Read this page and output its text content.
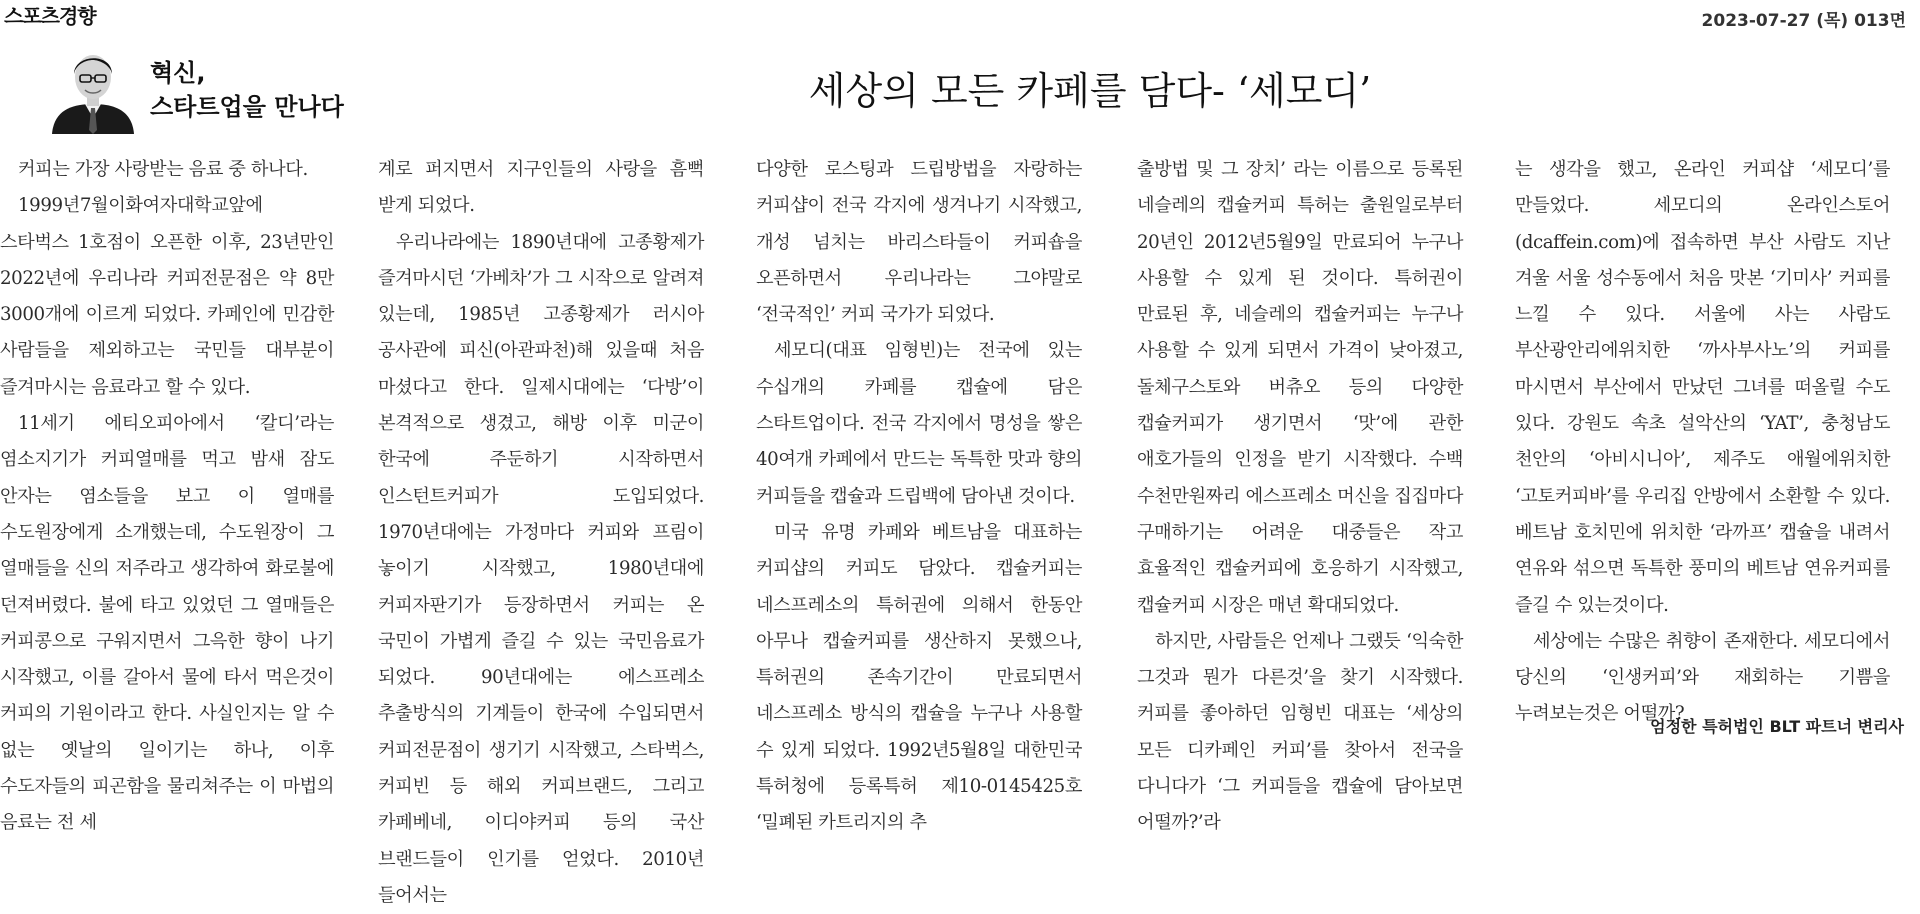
스포츠경향	2023-07-27 (목) 013면
혁신,
스타트업을 만나다	세상의 모든 카페를 담다- ‘세모디’

커피는 가장 사랑받는 음료 중 하나다.

1999년7월이화여자대학교앞에 스타벅스 1호점이 오픈한 이후, 23년만인 2022년에 우리나라 커피전문점은 약 8만 3000개에 이르게 되었다. 카페인에 민감한 사람들을 제외하고는 국민들 대부분이 즐겨마시는 음료라고 할 수 있다.

11세기 에티오피아에서 ‘칼디’라는 염소지기가 커피열매를 먹고 밤새 잠도 안자는 염소들을 보고 이 열매를 수도원장에게 소개했는데, 수도원장이 그 열매들을 신의 저주라고 생각하여 화로불에 던져버렸다. 불에 타고 있었던 그 열매들은 커피콩으로 구워지면서 그윽한 향이 나기 시작했고, 이를 갈아서 물에 타서 먹은것이 커피의 기원이라고 한다. 사실인지는 알 수 없는 옛날의 일이기는 하나, 이후 수도자들의 피곤함을 물리쳐주는 이 마법의 음료는 전 세

계로 퍼지면서 지구인들의 사랑을 흠뻑 받게 되었다.

우리나라에는 1890년대에 고종황제가 즐겨마시던 ‘가베차’가 그 시작으로 알려져 있는데, 1985년 고종황제가 러시아 공사관에 피신(아관파천)해 있을때 처음 마셨다고 한다. 일제시대에는 ‘다방’이 본격적으로 생겼고, 해방 이후 미군이 한국에 주둔하기 시작하면서 인스턴트커피가 도입되었다. 1970년대에는 가정마다 커피와 프림이 놓이기 시작했고, 1980년대에 커피자판기가 등장하면서 커피는 온 국민이 가볍게 즐길 수 있는 국민음료가 되었다. 90년대에는 에스프레소 추출방식의 기계들이 한국에 수입되면서 커피전문점이 생기기 시작했고, 스타벅스, 커피빈 등 해외 커피브랜드, 그리고 카페베네, 이디야커피 등의 국산 브랜드들이 인기를 얻었다. 2010년 들어서는

다양한 로스팅과 드립방법을 자랑하는 커피샵이 전국 각지에 생겨나기 시작했고, 개성 넘치는 바리스타들이 커피숍을 오픈하면서 우리나라는 그야말로 ‘전국적인’ 커피 국가가 되었다.

세모디(대표 임형빈)는 전국에 있는 수십개의 카페를 캡슐에 담은 스타트업이다. 전국 각지에서 명성을 쌓은 40여개 카페에서 만드는 독특한 맛과 향의 커피들을 캡슐과 드립백에 담아낸 것이다.

미국 유명 카페와 베트남을 대표하는 커피샵의 커피도 담았다. 캡슐커피는 네스프레소의 특허권에 의해서 한동안 아무나 캡슐커피를 생산하지 못했으나, 특허권의 존속기간이 만료되면서 네스프레소 방식의 캡슐을 누구나 사용할 수 있게 되었다. 1992년5월8일 대한민국 특허청에 등록특허 제10-0145425호 ‘밀폐된 카트리지의 추

출방법 및 그 장치’ 라는 이름으로 등록된 네슬레의 캡슐커피 특허는 출원일로부터 20년인 2012년5월9일 만료되어 누구나 사용할 수 있게 된 것이다. 특허권이 만료된 후, 네슬레의 캡슐커피는 누구나 사용할 수 있게 되면서 가격이 낮아졌고, 돌체구스토와 버츄오 등의 다양한 캡슐커피가 생기면서 ‘맛’에 관한 애호가들의 인정을 받기 시작했다. 수백 수천만원짜리 에스프레소 머신을 집집마다 구매하기는 어려운 대중들은 작고 효율적인 캡슐커피에 호응하기 시작했고, 캡슐커피 시장은 매년 확대되었다.

하지만, 사람들은 언제나 그랬듯 ‘익숙한 그것과 뭔가 다른것’을 찾기 시작했다. 커피를 좋아하던 임형빈 대표는 ‘세상의 모든 디카페인 커피’를 찾아서 전국을 다니다가 ‘그 커피들을 캡슐에 담아보면 어떨까?’라

는 생각을 했고, 온라인 커피샵 ‘세모디’를 만들었다. 세모디의 온라인스토어(dcaffein.com)에 접속하면 부산 사람도 지난 겨울 서울 성수동에서 처음 맛본 ‘기미사’ 커피를 느낄 수 있다. 서울에 사는 사람도 부산광안리에위치한 ‘까사부사노’의 커피를 마시면서 부산에서 만났던 그녀를 떠올릴 수도 있다. 강원도 속초 설악산의 ‘YAT’, 충청남도 천안의 ‘아비시니아’, 제주도 애월에위치한 ‘고토커피바’를 우리집 안방에서 소환할 수 있다. 베트남 호치민에 위치한 ‘라까프’ 캡슐을 내려서 연유와 섞으면 독특한 풍미의 베트남 연유커피를 즐길 수 있는것이다.

세상에는 수많은 취향이 존재한다. 세모디에서 당신의 ‘인생커피’와 재회하는 기쁨을 누려보는것은 어떨까?

엄정한 특허법인 BLT 파트너 변리사
